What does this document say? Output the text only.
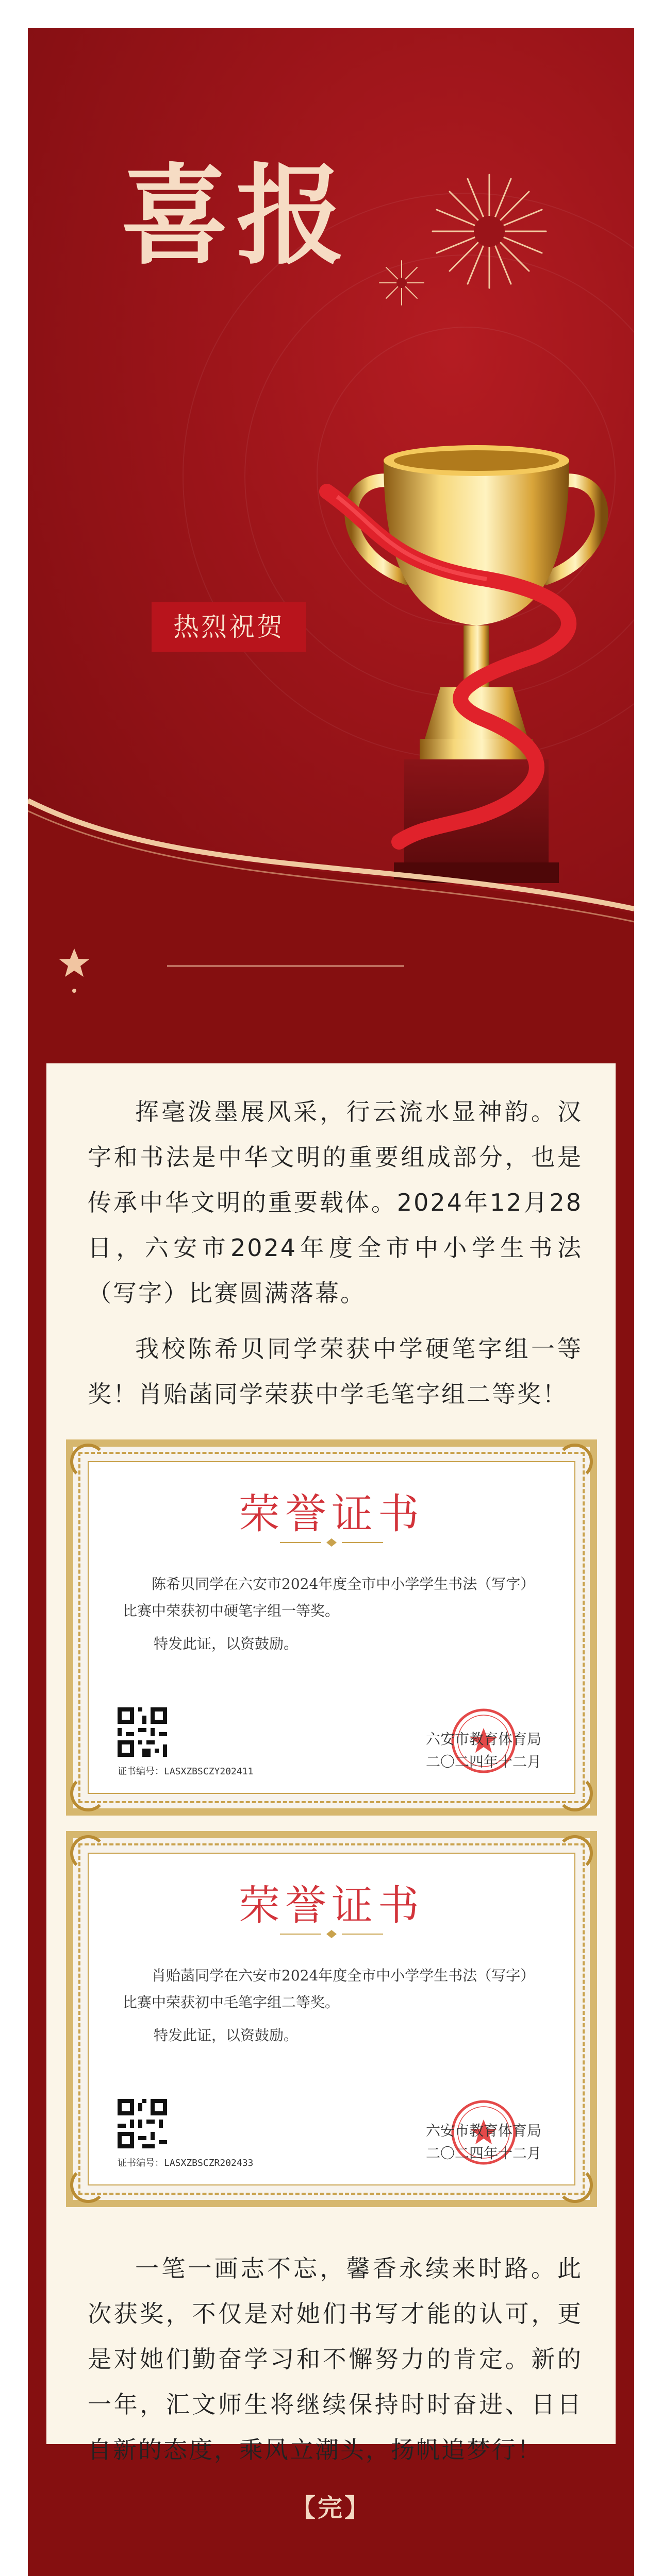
喜报
热烈祝贺

挥毫泼墨展风采，行云流水显神韵。汉字和书法是中华文明的重要组成部分，也是传承中华文明的重要载体。2024年12月28日，六安市2024年度全市中小学生书法（写字）比赛圆满落幕。

我校陈希贝同学荣获中学硬笔字组一等奖！肖贻菡同学荣获中学毛笔字组二等奖！

荣誉证书
陈希贝同学在六安市2024年度全市中小学学生书法（写字）比赛中荣获初中硬笔字组一等奖。
特发此证，以资鼓励。
证书编号：LASXZBSCZY202411
六安市教育体育局
二〇二四年十二月
荣誉证书
肖贻菡同学在六安市2024年度全市中小学学生书法（写字）比赛中荣获初中毛笔字组二等奖。
特发此证，以资鼓励。
证书编号：LASXZBSCZR202433
六安市教育体育局
二〇二四年十二月

一笔一画志不忘，馨香永续来时路。此次获奖，不仅是对她们书写才能的认可，更是对她们勤奋学习和不懈努力的肯定。新的一年，汇文师生将继续保持时时奋进、日日自新的态度，乘风立潮头，扬帆追梦行！

【完】
